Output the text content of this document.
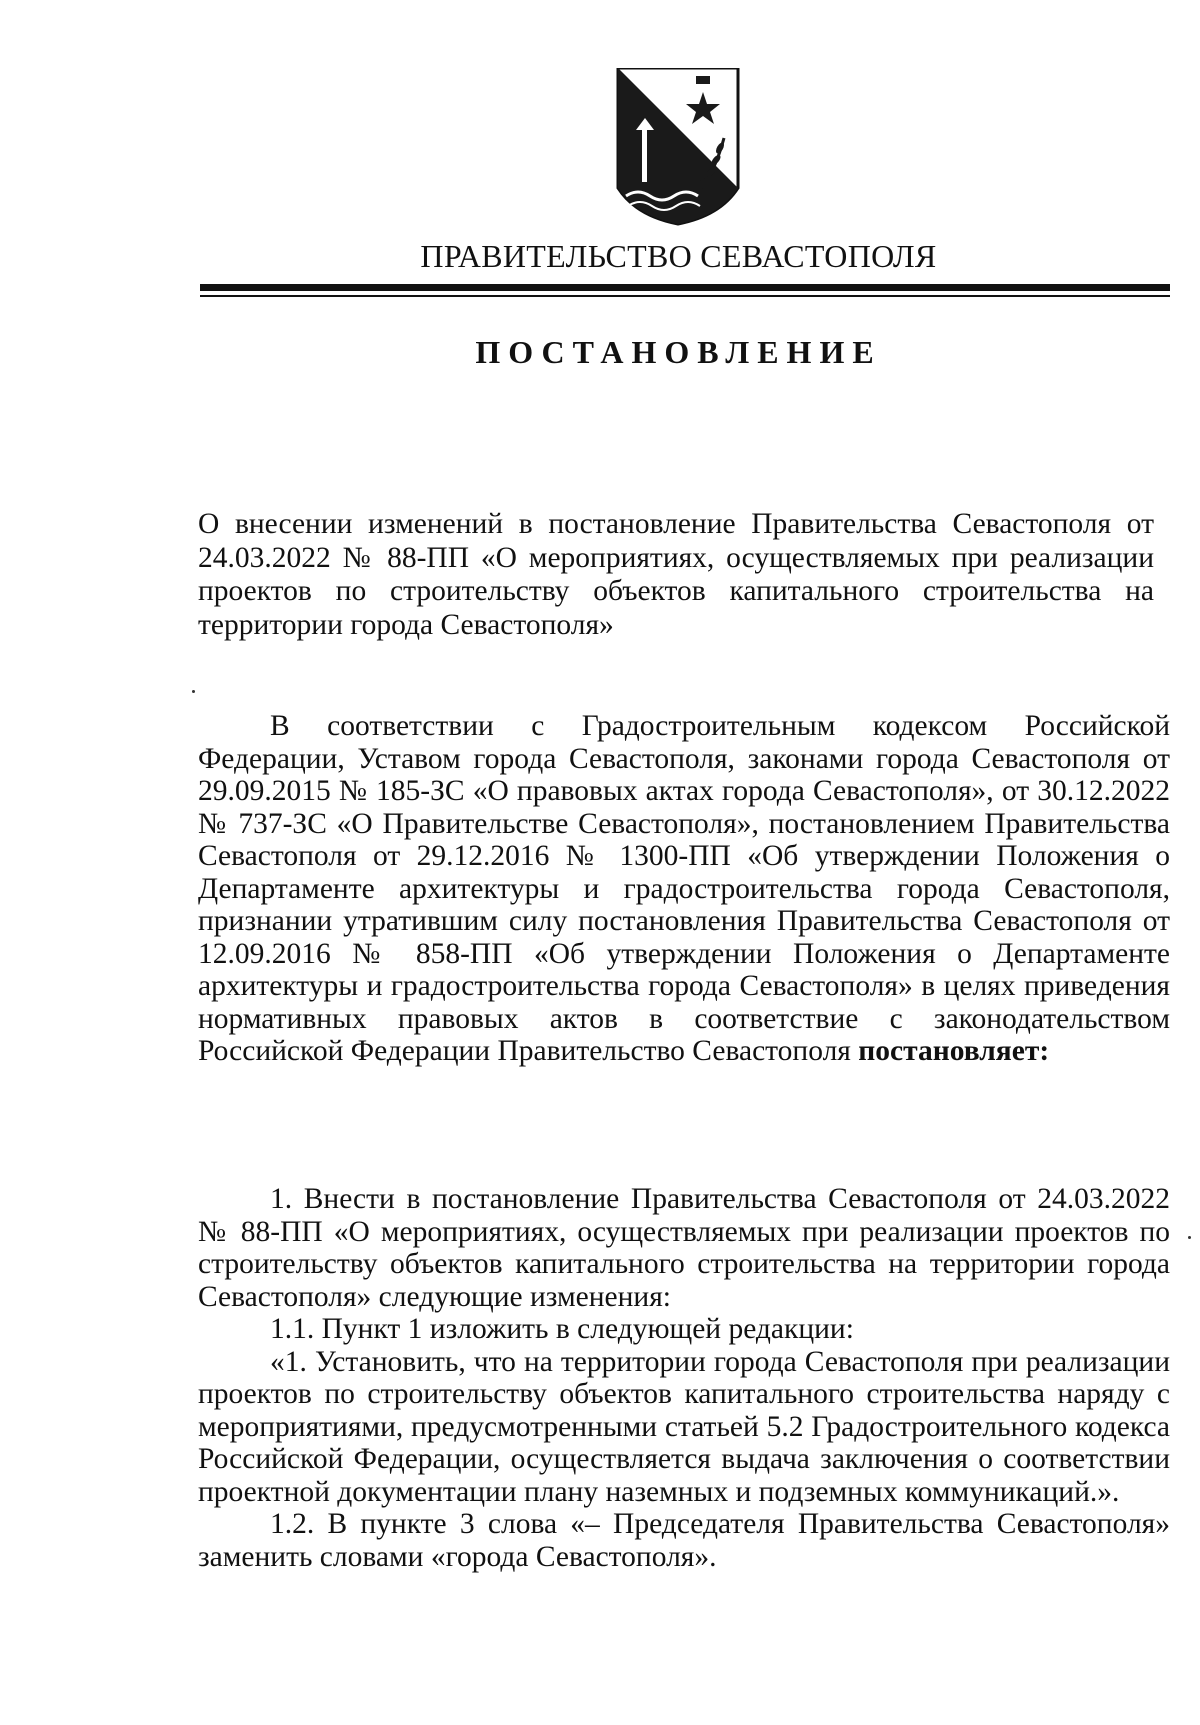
ПРАВИТЕЛЬСТВО СЕВАСТОПОЛЯ
ПОСТАНОВЛЕНИЕ
О внесении изменений в постановление Правительства Севастополя от 24.03.2022 № 88-ПП «О мероприятиях, осуществляемых при реализации проектов по строительству объектов капитального строительства на территории города Севастополя»
В соответствии с Градостроительным кодексом Российской Федерации, Уставом города Севастополя, законами города Севастополя от 29.09.2015 № 185-ЗС «О правовых актах города Севастополя», от 30.12.2022 № 737-ЗС «О Правительстве Севастополя», постановлением Правительства Севастополя от 29.12.2016 № 1300-ПП «Об утверждении Положения о Департаменте архитектуры и градостроительства города Севастополя, признании утратившим силу постановления Правительства Севастополя от 12.09.2016 № 858-ПП «Об утверждении Положения о Департаменте архитектуры и градостроительства города Севастополя» в целях приведения нормативных правовых актов в соответствие с законодательством Российской Федерации Правительство Севастополя постановляет:

1. Внести в постановление Правительства Севастополя от 24.03.2022 № 88-ПП «О мероприятиях, осуществляемых при реализации проектов по строительству объектов капитального строительства на территории города Севастополя» следующие изменения:

1.1. Пункт 1 изложить в следующей редакции:

«1. Установить, что на территории города Севастополя при реализации проектов по строительству объектов капитального строительства наряду с мероприятиями, предусмотренными статьей 5.2 Градостроительного кодекса Российской Федерации, осуществляется выдача заключения о соответствии проектной документации плану наземных и подземных коммуникаций.».

1.2. В пункте 3 слова «– Председателя Правительства Севастополя» заменить словами «города Севастополя».
